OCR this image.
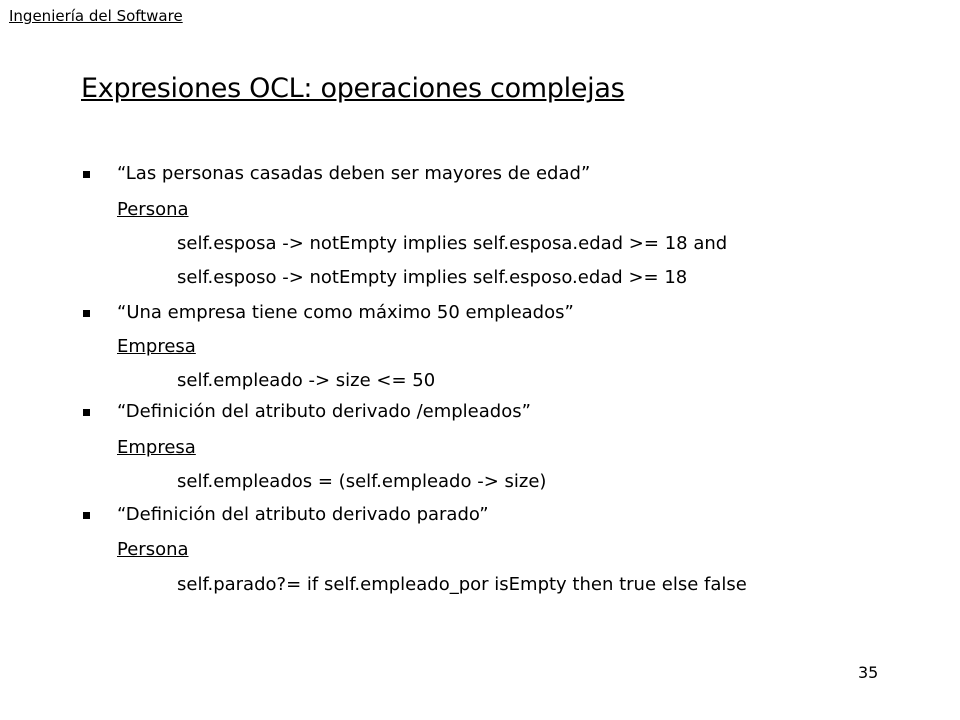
Ingeniería del Software
Expresiones OCL: operaciones complejas
“Las personas casadas deben ser mayores de edad”
Persona
self.esposa -> notEmpty implies self.esposa.edad >= 18 and
self.esposo -> notEmpty implies self.esposo.edad >= 18
“Una empresa tiene como máximo 50 empleados”
Empresa
self.empleado -> size <= 50
“Definición del atributo derivado /empleados”
Empresa
self.empleados = (self.empleado -> size)
“Definición del atributo derivado parado”
Persona
self.parado?= if self.empleado_por isEmpty then true else false
35
